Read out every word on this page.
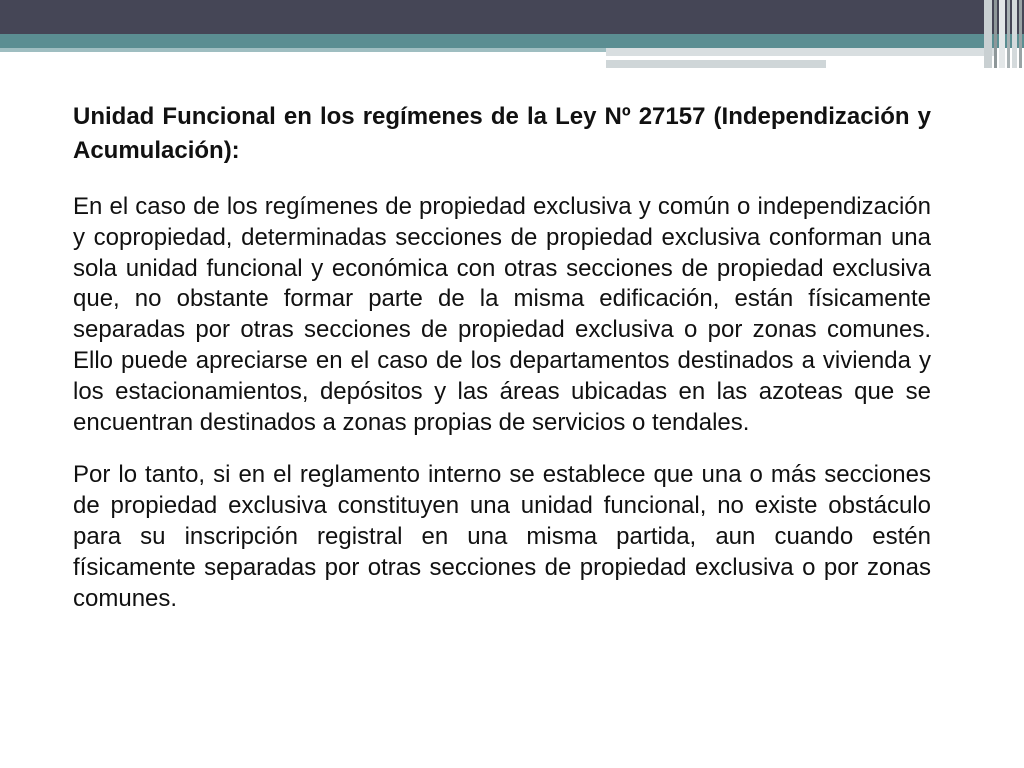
Unidad Funcional en los regímenes de la Ley Nº 27157 (Independización y Acumulación):

En el caso de los regímenes de propiedad exclusiva y común o independización y copropiedad, determinadas secciones de propiedad exclusiva conforman una sola unidad funcional y económica con otras secciones de propiedad exclusiva que, no obstante formar parte de la misma edificación, están físicamente separadas por otras secciones de propiedad exclusiva o por zonas comunes. Ello puede apreciarse en el caso de los departamentos destinados a vivienda y los estacionamientos, depósitos y las áreas ubicadas en las azoteas que se encuentran destinados a zonas propias de servicios o tendales.

Por lo tanto, si en el reglamento interno se establece que una o más secciones de propiedad exclusiva constituyen una unidad funcional, no existe obstáculo para su inscripción registral en una misma partida, aun cuando estén físicamente separadas por otras secciones de propiedad exclusiva o por zonas comunes.
